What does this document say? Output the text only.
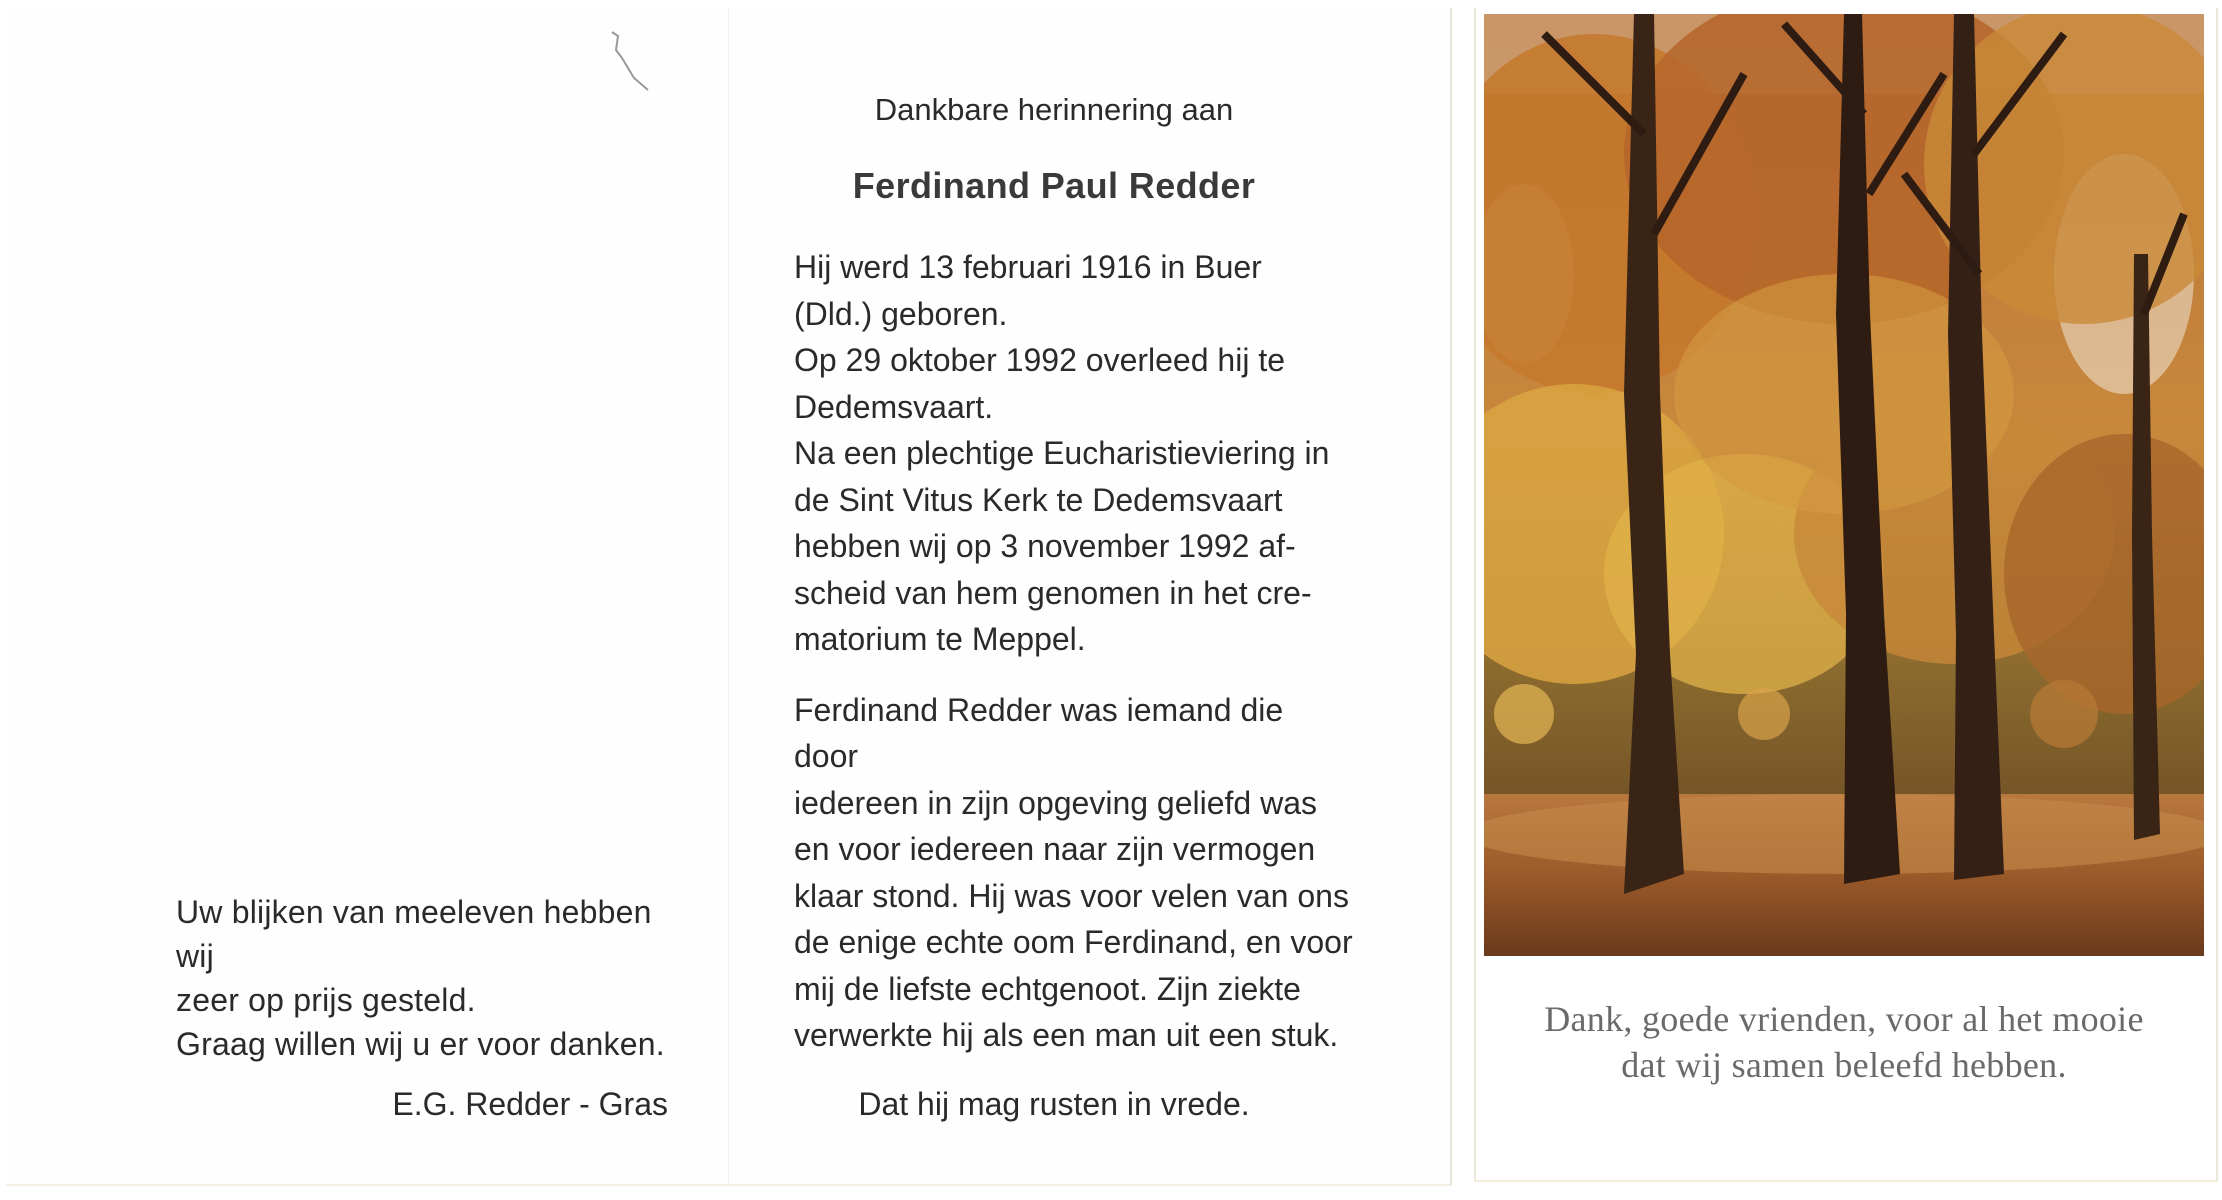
Uw blijken van meeleven hebben wij
zeer op prijs gesteld.
Graag willen wij u er voor danken.
E.G. Redder - Gras
Dankbare herinnering aan
Ferdinand Paul Redder

Hij werd 13 februari 1916 in Buer

(Dld.) geboren.

Op 29 oktober 1992 overleed hij te

Dedemsvaart.

Na een plechtige Eucharistieviering in

de Sint Vitus Kerk te Dedemsvaart

hebben wij op 3 november 1992 af-

scheid van hem genomen in het cre-

matorium te Meppel.

Ferdinand Redder was iemand die door

iedereen in zijn opgeving geliefd was

en voor iedereen naar zijn vermogen

klaar stond. Hij was voor velen van ons

de enige echte oom Ferdinand, en voor

mij de liefste echtgenoot. Zijn ziekte

verwerkte hij als een man uit een stuk.

Dat hij mag rusten in vrede.
Dank, goede vrienden, voor al het mooie
dat wij samen beleefd hebben.
